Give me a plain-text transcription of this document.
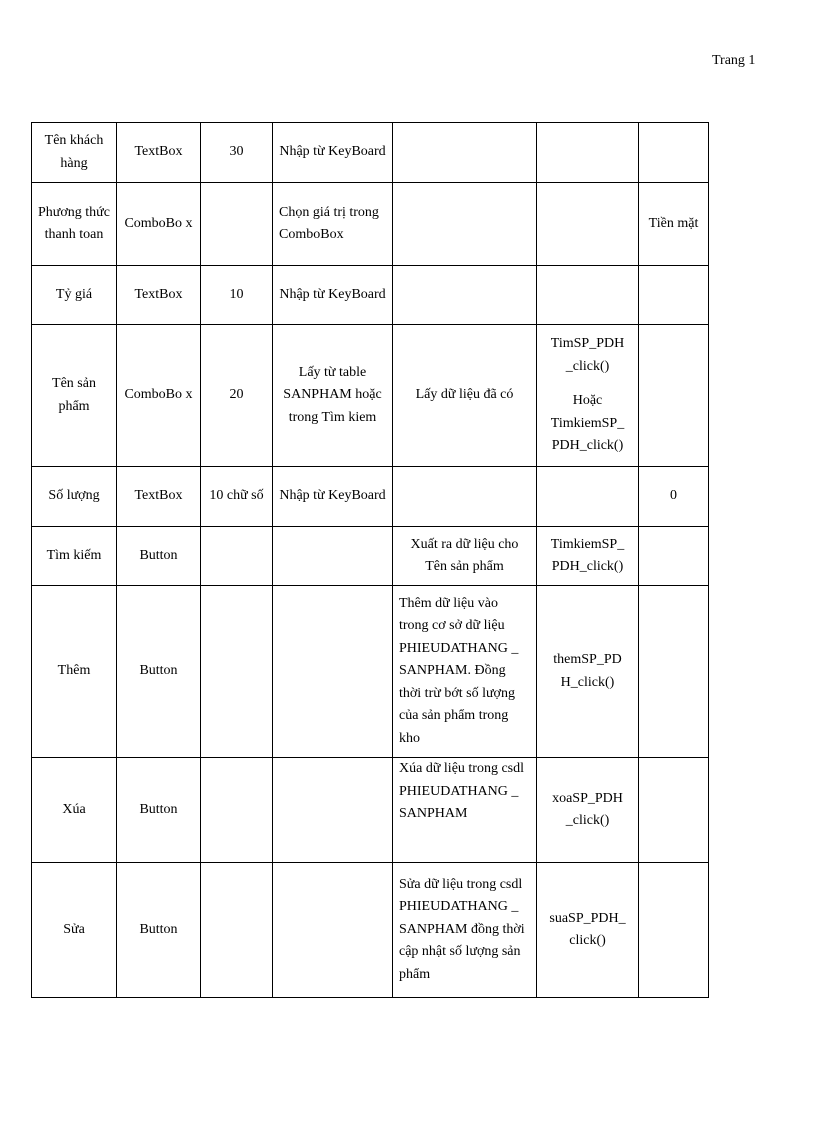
Trang 1
Tên khách hàng	TextBox	30	Nhập từ KeyBoard			
Phương thức thanh toan	ComboBo x		Chọn giá trị trong ComboBox			Tiền mặt
Tỷ giá	TextBox	10	Nhập từ KeyBoard			
Tên sản phẩm	ComboBo x	20	Lấy từ table SANPHAM hoặc trong Tìm kiem	Lấy dữ liệu đã có	TimSP_PDH _click()
Hoặc TimkiemSP_ PDH_click()	

Số lượng	TextBox	10 chữ số	Nhập từ KeyBoard			0
Tìm kiếm	Button			Xuất ra dữ liệu cho Tên sản phẩm	TimkiemSP_ PDH_click()	
Thêm	Button			Thêm dữ liệu vào trong cơ sở dữ liệu PHIEUDATHANG _ SANPHAM. Đồng thời trừ bớt số lượng của sản phẩm trong kho	themSP_PD H_click()	
Xúa	Button			Xúa dữ liệu trong csdl PHIEUDATHANG _ SANPHAM	xoaSP_PDH _click()	
Sửa	Button			Sửa dữ liệu trong csdl PHIEUDATHANG _ SANPHAM đồng thời cập nhật số lượng sản phẩm	suaSP_PDH_ click()	
